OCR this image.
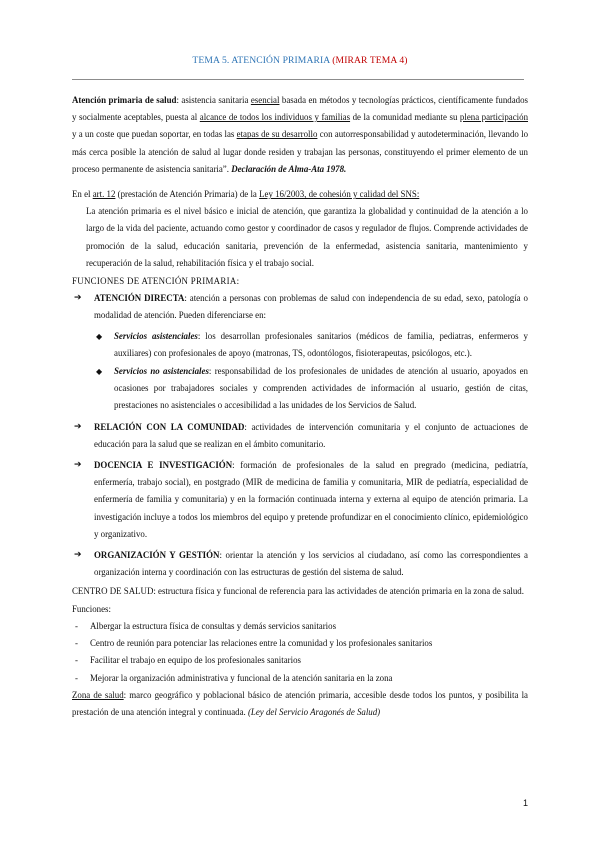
TEMA 5. ATENCIÓN PRIMARIA (MIRAR TEMA 4)

Atención primaria de salud: asistencia sanitaria esencial basada en métodos y tecnologías prácticos, científicamente fundados y socialmente aceptables, puesta al alcance de todos los individuos y familias de la comunidad mediante su plena participación y a un coste que puedan soportar, en todas las etapas de su desarrollo con autorresponsabilidad y autodeterminación, llevando lo más cerca posible la atención de salud al lugar donde residen y trabajan las personas, constituyendo el primer elemento de un proceso permanente de asistencia sanitaria”. Declaración de Alma-Ata 1978.

En el art. 12 (prestación de Atención Primaria) de la Ley 16/2003, de cohesión y calidad del SNS:

La atención primaria es el nivel básico e inicial de atención, que garantiza la globalidad y continuidad de la atención a lo largo de la vida del paciente, actuando como gestor y coordinador de casos y regulador de flujos. Comprende actividades de promoción de la salud, educación sanitaria, prevención de la enfermedad, asistencia sanitaria, mantenimiento y recuperación de la salud, rehabilitación física y el trabajo social.

FUNCIONES DE ATENCIÓN PRIMARIA:

➔ ATENCIÓN DIRECTA: atención a personas con problemas de salud con independencia de su edad, sexo, patología o modalidad de atención. Pueden diferenciarse en:
◆ Servicios asistenciales: los desarrollan profesionales sanitarios (médicos de familia, pediatras, enfermeros y auxiliares) con profesionales de apoyo (matronas, TS, odontólogos, fisioterapeutas, psicólogos, etc.).
◆ Servicios no asistenciales: responsabilidad de los profesionales de unidades de atención al usuario, apoyados en ocasiones por trabajadores sociales y comprenden actividades de información al usuario, gestión de citas, prestaciones no asistenciales o accesibilidad a las unidades de los Servicios de Salud.
➔ RELACIÓN CON LA COMUNIDAD: actividades de intervención comunitaria y el conjunto de actuaciones de educación para la salud que se realizan en el ámbito comunitario.
➔ DOCENCIA E INVESTIGACIÓN: formación de profesionales de la salud en pregrado (medicina, pediatría, enfermería, trabajo social), en postgrado (MIR de medicina de familia y comunitaria, MIR de pediatría, especialidad de enfermería de familia y comunitaria) y en la formación continuada interna y externa al equipo de atención primaria. La investigación incluye a todos los miembros del equipo y pretende profundizar en el conocimiento clínico, epidemiológico y organizativo.
➔ ORGANIZACIÓN Y GESTIÓN: orientar la atención y los servicios al ciudadano, así como las correspondientes a organización interna y coordinación con las estructuras de gestión del sistema de salud.

CENTRO DE SALUD: estructura física y funcional de referencia para las actividades de atención primaria en la zona de salud.

Funciones:

- Albergar la estructura física de consultas y demás servicios sanitarios
- Centro de reunión para potenciar las relaciones entre la comunidad y los profesionales sanitarios
- Facilitar el trabajo en equipo de los profesionales sanitarios
- Mejorar la organización administrativa y funcional de la atención sanitaria en la zona

Zona de salud: marco geográfico y poblacional básico de atención primaria, accesible desde todos los puntos, y posibilita la prestación de una atención integral y continuada. (Ley del Servicio Aragonés de Salud)

1
